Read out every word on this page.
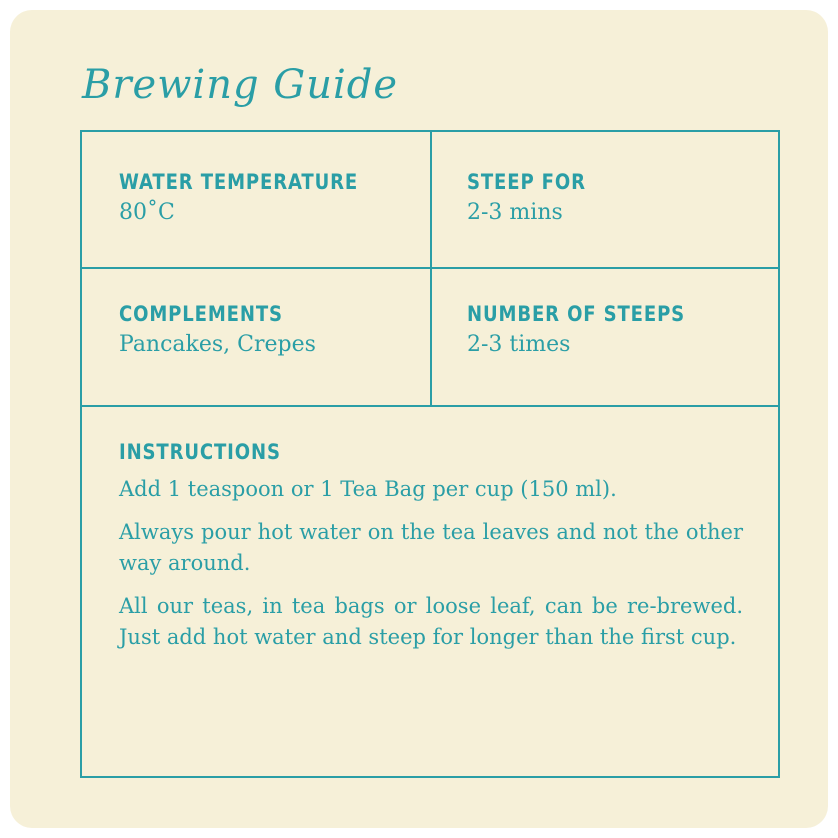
Brewing Guide
WATER TEMPERATURE
80˚C
STEEP FOR
2-3 mins
COMPLEMENTS
Pancakes, Crepes
NUMBER OF STEEPS
2-3 times
INSTRUCTIONS

Add 1 teaspoon or 1 Tea Bag per cup (150 ml).

Always pour hot water on the tea leaves and not the other way around.

All our teas, in tea bags or loose leaf, can be re-brewed. Just add hot water and steep for longer than the first cup.
